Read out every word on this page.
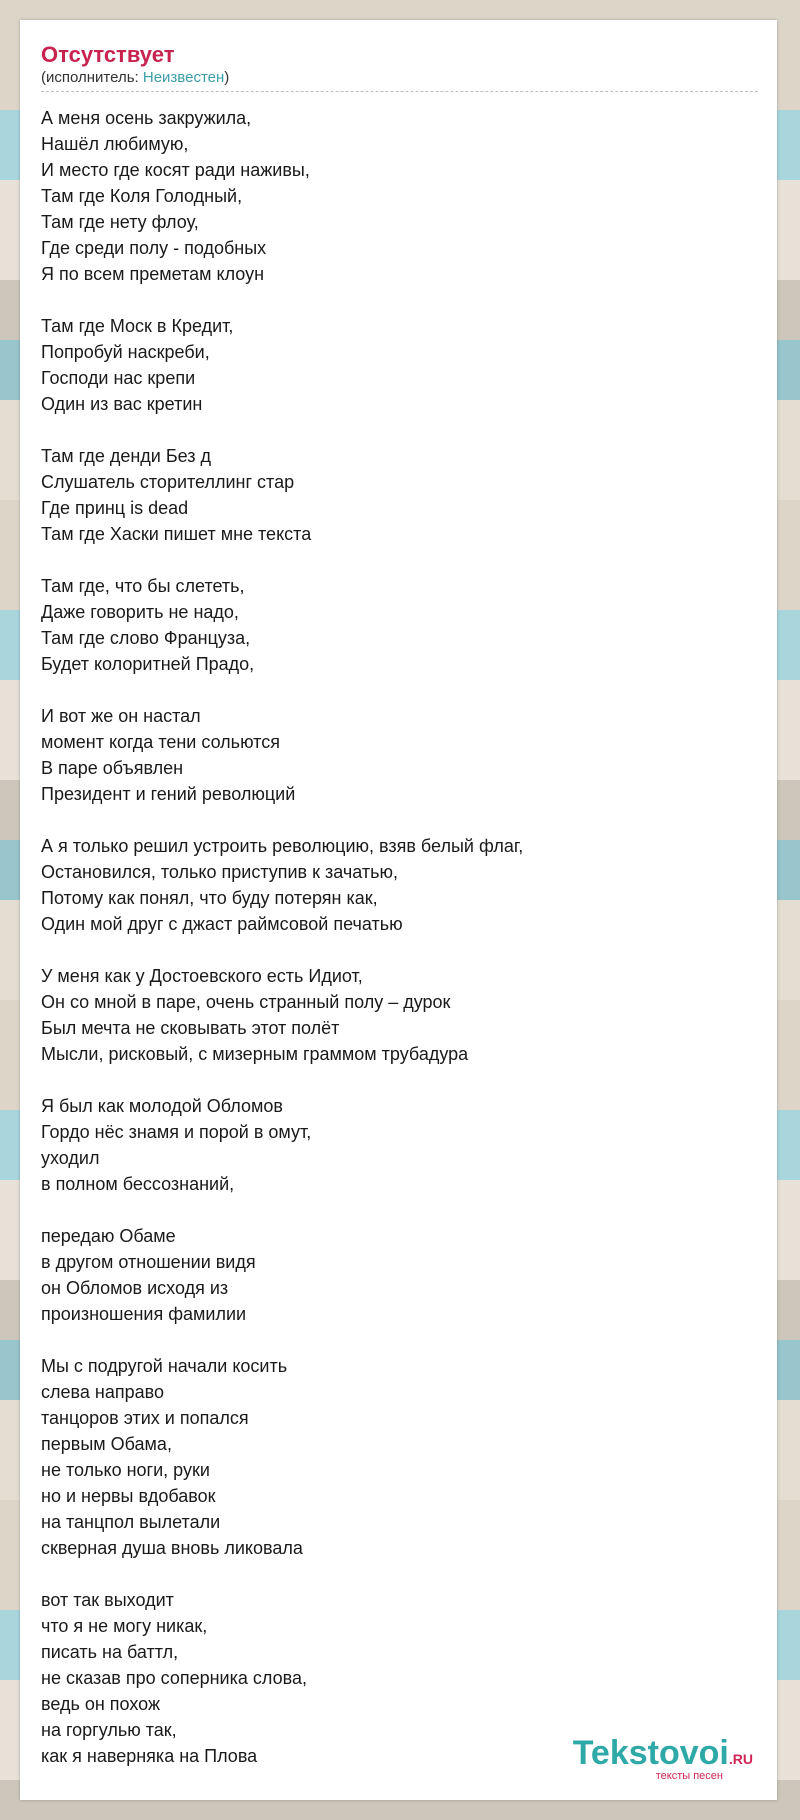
Отсутствует
(исполнитель: Неизвестен)
А меня осень закружила,
Нашёл любимую,
И место где косят ради наживы,
Там где Коля Голодный,
Там где нету флоу,
Где среди полу - подобных
Я по всем преметам клоун
Там где Моск в Кредит,
Попробуй наскреби,
Господи нас крепи
Один из вас кретин
Там где денди Без д
Слушатель сторителлинг стар
Где принц is dead
Там где Хаски пишет мне текста
Там где, что бы слететь,
Даже говорить не надо,
Там где слово Француза,
Будет колоритней Прадо,
И вот же он настал
момент когда тени сольются
В паре объявлен
Президент и гений революций
А я только решил устроить революцию, взяв белый флаг,
Остановился, только приступив к зачатью,
Потому как понял, что буду потерян как,
Один мой друг с джаст раймсовой печатью
У меня как у Достоевского есть Идиот,
Он со мной в паре, очень странный полу – дурок
Был мечта не сковывать этот полёт
Мысли, рисковый, с мизерным граммом трубадура
Я был как молодой Обломов
Гордо нёс знамя и порой в омут,
уходил
в полном бессознаний,
передаю Обаме
в другом отношении видя
он Обломов исходя из
произношения фамилии
Мы с подругой начали косить
слева направо
танцоров этих и попался
первым Обама,
не только ноги, руки
но и нервы вдобавок
на танцпол вылетали
скверная душа вновь ликовала
вот так выходит
что я не могу никак,
писать на баттл,
не сказав про соперника слова,
ведь он похож
на горгулью так,
как я наверняка на Плова	Tekstovoi.RU
тексты песен
